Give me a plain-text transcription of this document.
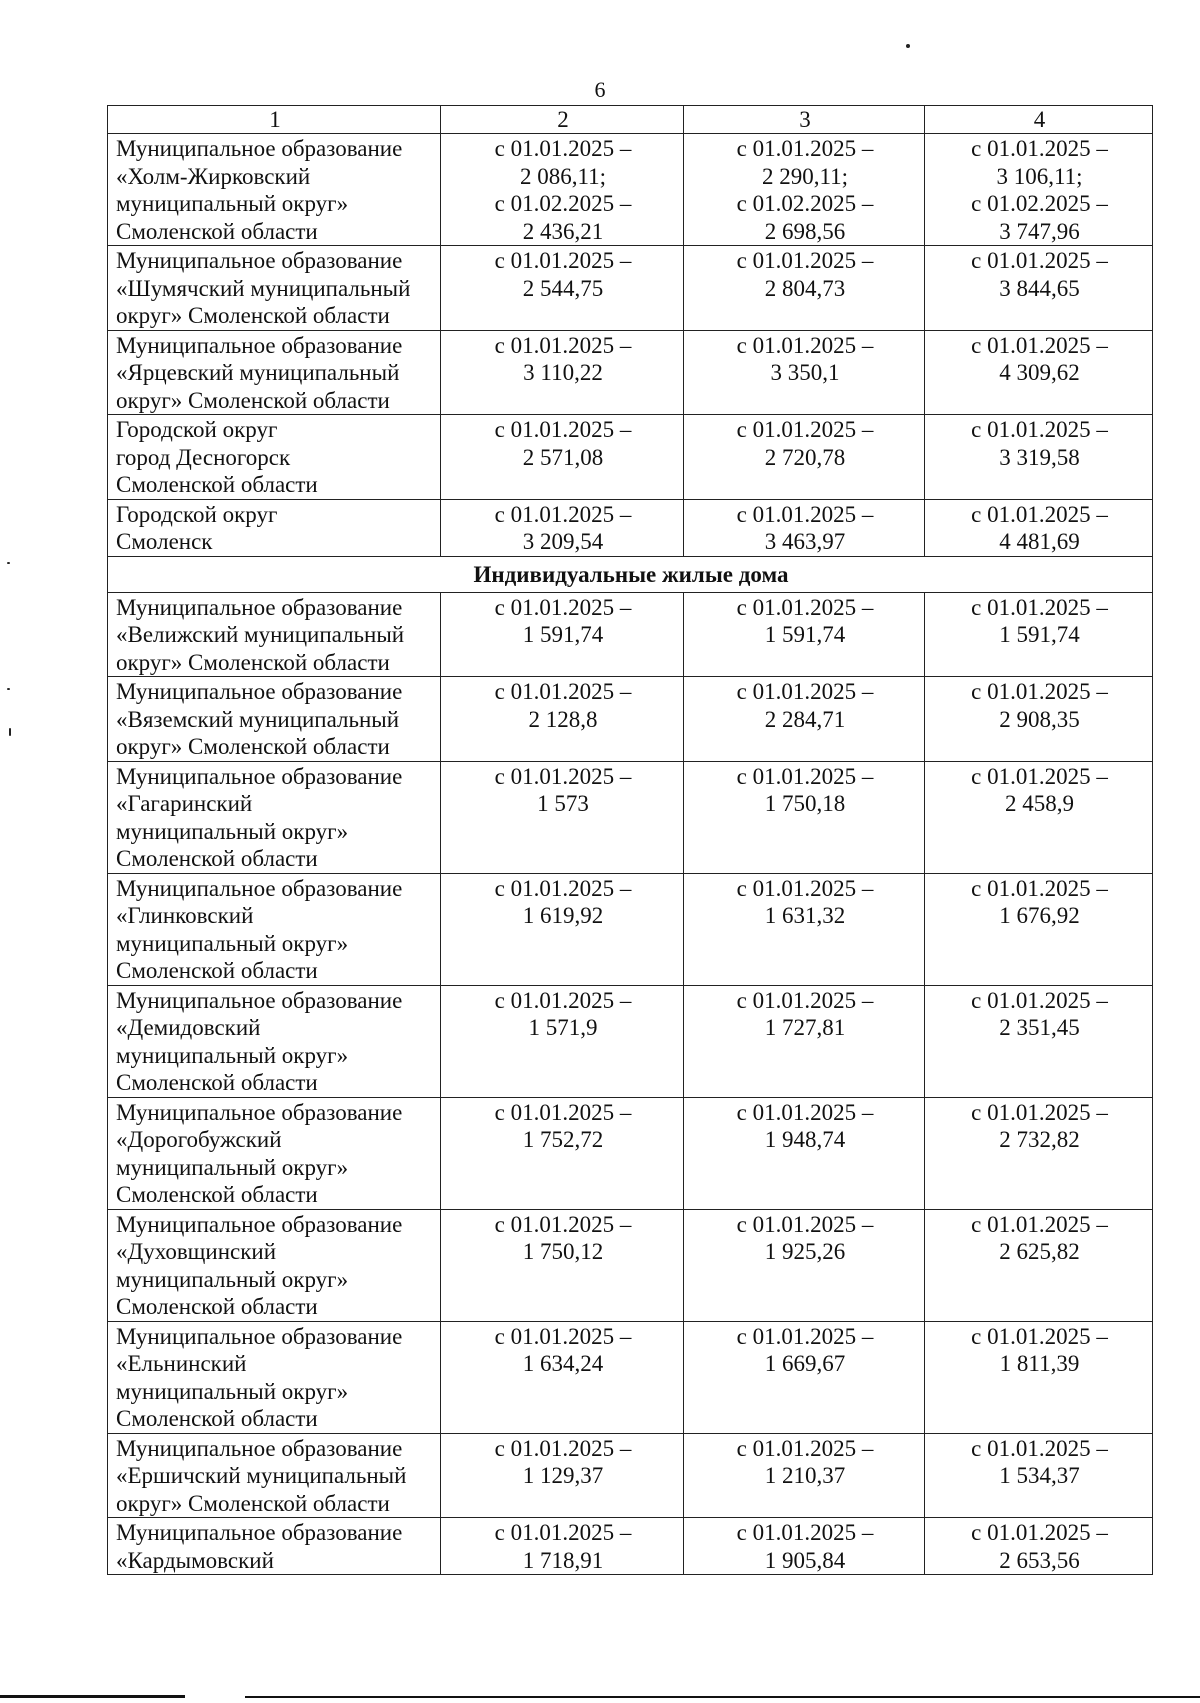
6
1	2	3	4

Муниципальное образование
«Холм-Жирковский
муниципальный округ»
Смоленской области	с 01.01.2025 –
2 086,11;
с 01.02.2025 –
2 436,21	с 01.01.2025 –
2 290,11;
с 01.02.2025 –
2 698,56	с 01.01.2025 –
3 106,11;
с 01.02.2025 –
3 747,96

Муниципальное образование
«Шумячский муниципальный
округ» Смоленской области	с 01.01.2025 –
2 544,75	с 01.01.2025 –
2 804,73	с 01.01.2025 –
3 844,65

Муниципальное образование
«Ярцевский муниципальный
округ» Смоленской области	с 01.01.2025 –
3 110,22	с 01.01.2025 –
3 350,1	с 01.01.2025 –
4 309,62

Городской округ
город Десногорск
Смоленской области	с 01.01.2025 –
2 571,08	с 01.01.2025 –
2 720,78	с 01.01.2025 –
3 319,58

Городской округ
Смоленск	с 01.01.2025 –
3 209,54	с 01.01.2025 –
3 463,97	с 01.01.2025 –
4 481,69

Индивидуальные жилые дома			

Муниципальное образование
«Велижский муниципальный
округ» Смоленской области	с 01.01.2025 –
1 591,74	с 01.01.2025 –
1 591,74	с 01.01.2025 –
1 591,74

Муниципальное образование
«Вяземский муниципальный
округ» Смоленской области	с 01.01.2025 –
2 128,8	с 01.01.2025 –
2 284,71	с 01.01.2025 –
2 908,35

Муниципальное образование
«Гагаринский
муниципальный округ»
Смоленской области	с 01.01.2025 –
1 573	с 01.01.2025 –
1 750,18	с 01.01.2025 –
2 458,9

Муниципальное образование
«Глинковский
муниципальный округ»
Смоленской области	с 01.01.2025 –
1 619,92	с 01.01.2025 –
1 631,32	с 01.01.2025 –
1 676,92

Муниципальное образование
«Демидовский
муниципальный округ»
Смоленской области	с 01.01.2025 –
1 571,9	с 01.01.2025 –
1 727,81	с 01.01.2025 –
2 351,45

Муниципальное образование
«Дорогобужский
муниципальный округ»
Смоленской области	с 01.01.2025 –
1 752,72	с 01.01.2025 –
1 948,74	с 01.01.2025 –
2 732,82

Муниципальное образование
«Духовщинский
муниципальный округ»
Смоленской области	с 01.01.2025 –
1 750,12	с 01.01.2025 –
1 925,26	с 01.01.2025 –
2 625,82

Муниципальное образование
«Ельнинский
муниципальный округ»
Смоленской области	с 01.01.2025 –
1 634,24	с 01.01.2025 –
1 669,67	с 01.01.2025 –
1 811,39

Муниципальное образование
«Ершичский муниципальный
округ» Смоленской области	с 01.01.2025 –
1 129,37	с 01.01.2025 –
1 210,37	с 01.01.2025 –
1 534,37

Муниципальное образование
«Кардымовский	с 01.01.2025 –
1 718,91	с 01.01.2025 –
1 905,84	с 01.01.2025 –
2 653,56
